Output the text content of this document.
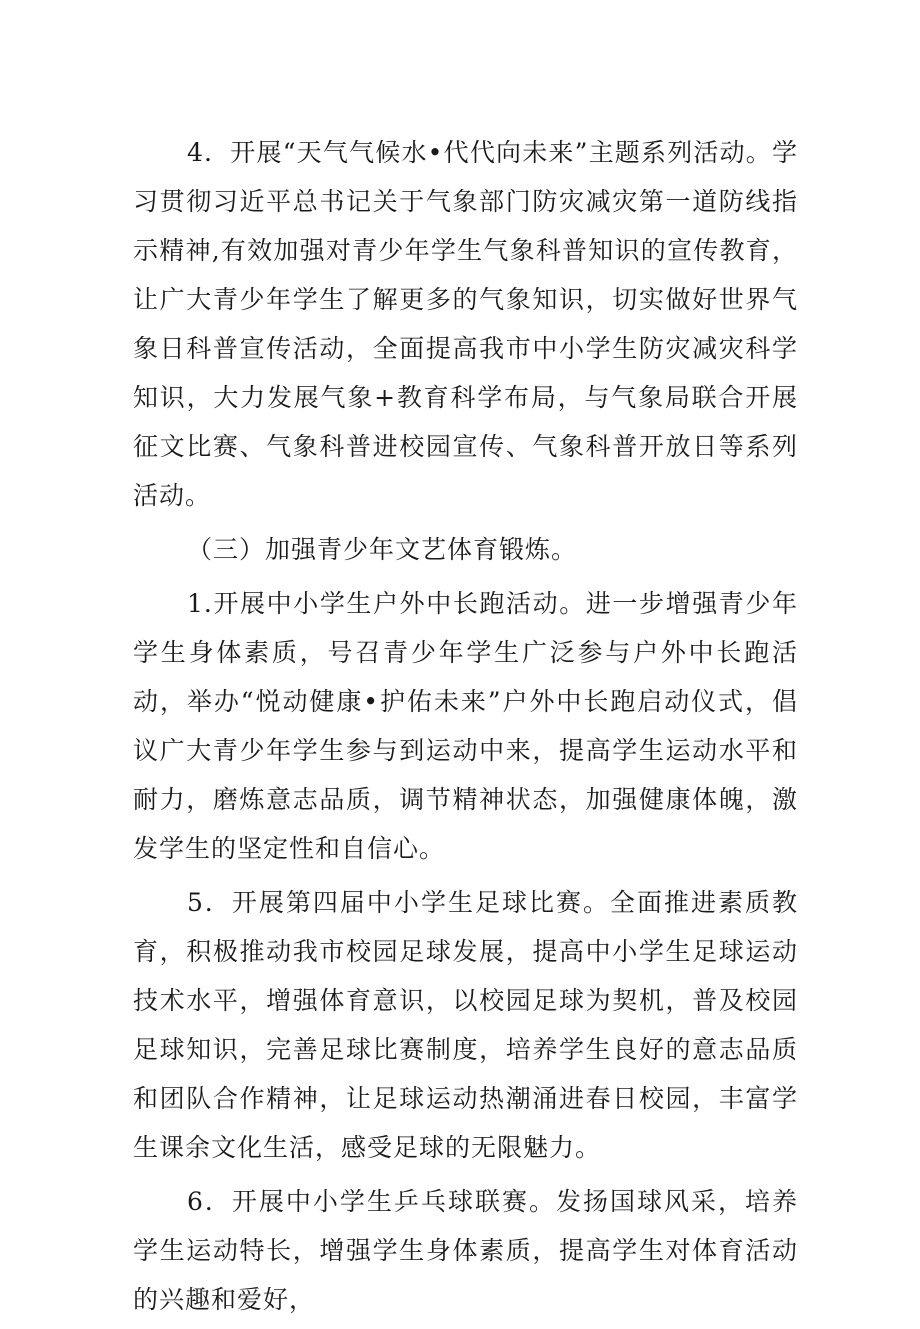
4．开展“天气气候水•代代向未来”主题系列活动。学习贯彻习近平总书记关于气象部门防灾减灾第一道防线指示精神,有效加强对青少年学生气象科普知识的宣传教育，让广大青少年学生了解更多的气象知识，切实做好世界气象日科普宣传活动，全面提高我市中小学生防灾减灾科学知识，大力发展气象+教育科学布局，与气象局联合开展征文比赛、气象科普进校园宣传、气象科普开放日等系列活动。

（三）加强青少年文艺体育锻炼。

1.开展中小学生户外中长跑活动。进一步增强青少年学生身体素质，号召青少年学生广泛参与户外中长跑活动，举办“悦动健康•护佑未来”户外中长跑启动仪式，倡议广大青少年学生参与到运动中来，提高学生运动水平和耐力，磨炼意志品质，调节精神状态，加强健康体魄，激发学生的坚定性和自信心。

5．开展第四届中小学生足球比赛。全面推进素质教育，积极推动我市校园足球发展，提高中小学生足球运动技术水平，增强体育意识，以校园足球为契机，普及校园足球知识，完善足球比赛制度，培养学生良好的意志品质和团队合作精神，让足球运动热潮涌进春日校园，丰富学生课余文化生活，感受足球的无限魅力。

6．开展中小学生乒乓球联赛。发扬国球风采，培养学生运动特长，增强学生身体素质，提高学生对体育活动的兴趣和爱好，
